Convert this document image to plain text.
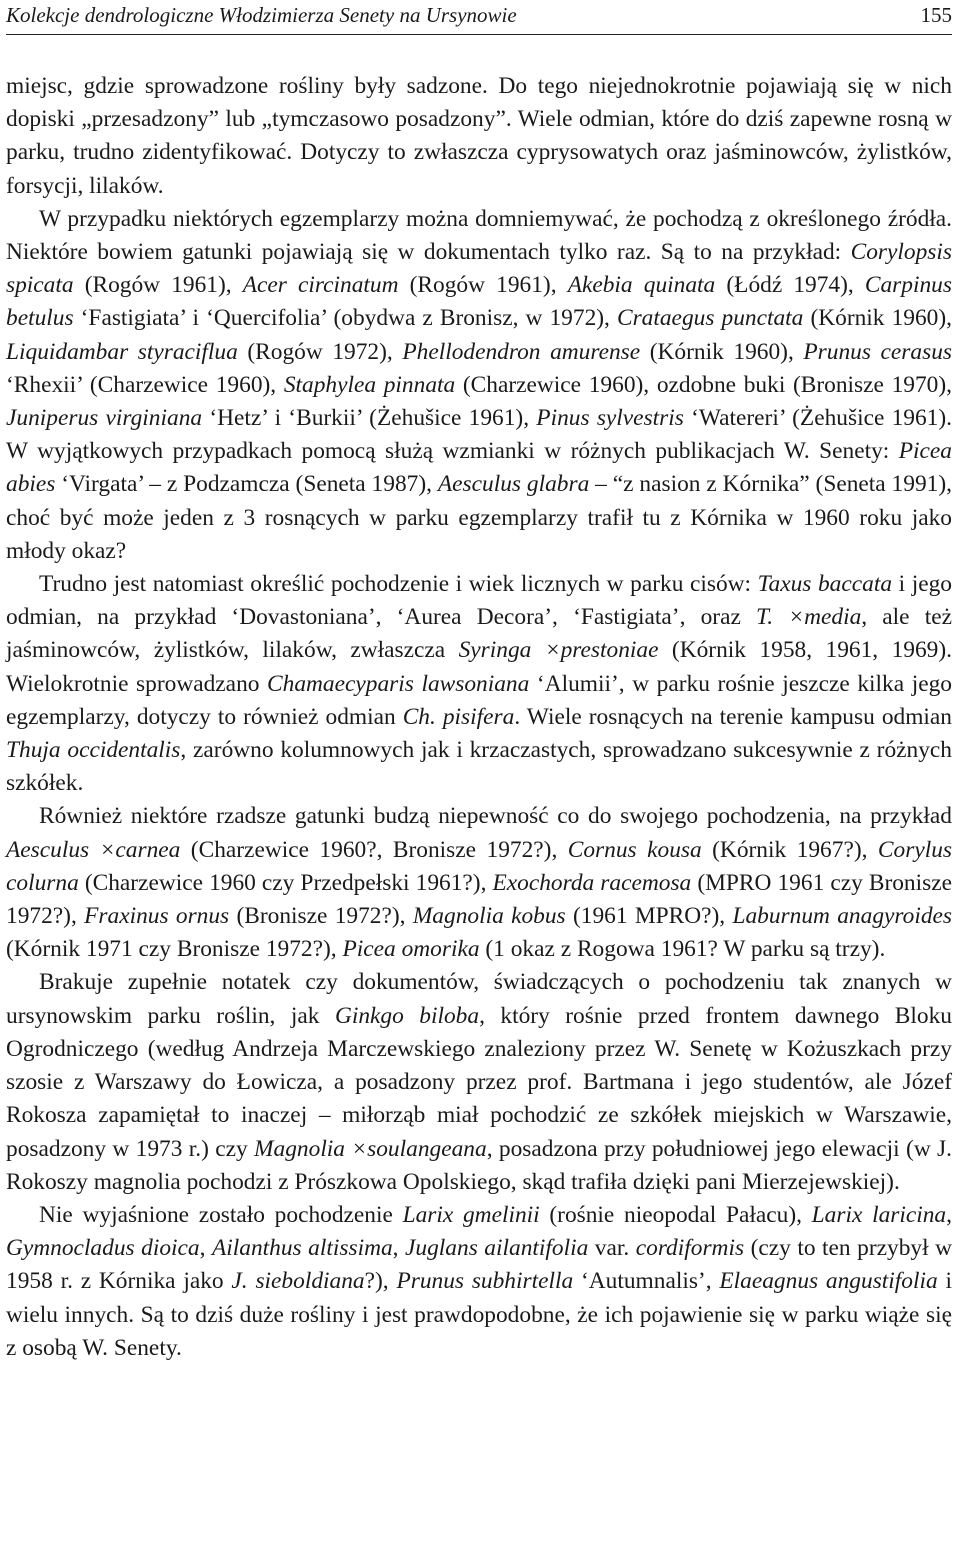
Kolekcje dendrologiczne Włodzimierza Senety na Ursynowie	155

miejsc, gdzie sprowadzone rośliny były sadzone. Do tego niejednokrotnie pojawiają się w nich dopiski „przesadzony” lub „tymczasowo posadzony”. Wiele odmian, które do dziś zapewne rosną w parku, trudno zidentyfikować. Dotyczy to zwłaszcza cyprysowatych oraz jaśminowców, żylistków, forsycji, lilaków.

W przypadku niektórych egzemplarzy można domniemywać, że pochodzą z określonego źródła. Niektóre bowiem gatunki pojawiają się w dokumentach tylko raz. Są to na przykład: Corylopsis spicata (Rogów 1961), Acer circinatum (Rogów 1961), Akebia quinata (Łódź 1974), Carpinus betulus ‘Fastigiata’ i ‘Quercifolia’ (obydwa z Bronisz, w 1972), Crataegus punctata (Kórnik 1960), Liquidambar styraciflua (Rogów 1972), Phellodendron amurense (Kórnik 1960), Prunus cerasus ‘Rhexii’ (Charzewice 1960), Staphylea pinnata (Charzewice 1960), ozdobne buki (Bronisze 1970), Juniperus virginiana ‘Hetz’ i ‘Burkii’ (Żehušice 1961), Pinus sylvestris ‘Watereri’ (Żehušice 1961). W wyjątkowych przypadkach pomocą służą wzmianki w różnych publikacjach W. Senety: Picea abies ‘Virgata’ – z Podzamcza (Seneta 1987), Aesculus glabra – “z nasion z Kórnika” (Seneta 1991), choć być może jeden z 3 rosnących w parku egzemplarzy trafił tu z Kórnika w 1960 roku jako młody okaz?

Trudno jest natomiast określić pochodzenie i wiek licznych w parku cisów: Taxus baccata i jego odmian, na przykład ‘Dovastoniana’, ‘Aurea Decora’, ‘Fastigiata’, oraz T. ×media, ale też jaśminowców, żylistków, lilaków, zwłaszcza Syringa ×prestoniae (Kórnik 1958, 1961, 1969). Wielokrotnie sprowadzano Chamaecyparis lawsoniana ‘Alumii’, w parku rośnie jeszcze kilka jego egzemplarzy, dotyczy to również odmian Ch. pisifera. Wiele rosnących na terenie kampusu odmian Thuja occidentalis, zarówno kolumnowych jak i krzaczastych, sprowadzano sukcesywnie z różnych szkółek.

Również niektóre rzadsze gatunki budzą niepewność co do swojego pochodzenia, na przykład Aesculus ×carnea (Charzewice 1960?, Bronisze 1972?), Cornus kousa (Kórnik 1967?), Corylus colurna (Charzewice 1960 czy Przedpełski 1961?), Exochorda racemosa (MPRO 1961 czy Bronisze 1972?), Fraxinus ornus (Bronisze 1972?), Magnolia kobus (1961 MPRO?), Laburnum anagyroides (Kórnik 1971 czy Bronisze 1972?), Picea omorika (1 okaz z Rogowa 1961? W parku są trzy).

Brakuje zupełnie notatek czy dokumentów, świadczących o pochodzeniu tak znanych w ursynowskim parku roślin, jak Ginkgo biloba, który rośnie przed frontem dawnego Bloku Ogrodniczego (według Andrzeja Marczewskiego znaleziony przez W. Senetę w Kożuszkach przy szosie z Warszawy do Łowicza, a posadzony przez prof. Bartmana i jego studentów, ale Józef Rokosza zapamiętał to inaczej – miłorząb miał pochodzić ze szkółek miejskich w Warszawie, posadzony w 1973 r.) czy Magnolia ×soulangeana, posadzona przy południowej jego elewacji (w J. Rokoszy magnolia pochodzi z Prószkowa Opolskiego, skąd trafiła dzięki pani Mierzejewskiej).

Nie wyjaśnione zostało pochodzenie Larix gmelinii (rośnie nieopodal Pałacu), Larix laricina, Gymnocladus dioica, Ailanthus altissima, Juglans ailantifolia var. cordiformis (czy to ten przybył w 1958 r. z Kórnika jako J. sieboldiana?), Prunus subhirtella ‘Autumnalis’, Elaeagnus angustifolia i wielu innych. Są to dziś duże rośliny i jest prawdopodobne, że ich pojawienie się w parku wiąże się z osobą W. Senety.
